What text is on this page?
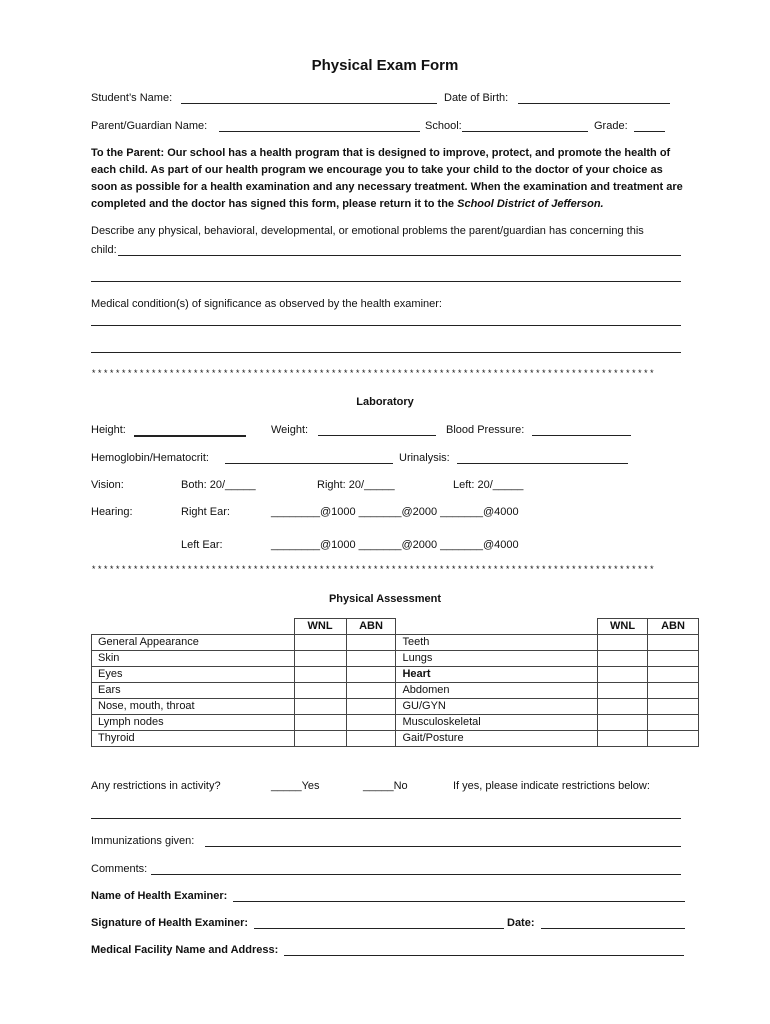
Physical Exam Form
Student’s Name:	Date of Birth:
Parent/Guardian Name:	School:	Grade:
To the Parent: Our school has a health program that is designed to improve, protect, and promote the health of each child. As part of our health program we encourage you to take your child to the doctor of your choice as soon as possible for a health examination and any necessary treatment. When the examination and treatment are completed and the doctor has signed this form, please return it to the School District of Jefferson.
Describe any physical, behavioral, developmental, or emotional problems the parent/guardian has concerning this
child:
Medical condition(s) of significance as observed by the health examiner:
**********************************************************************************************
Laboratory
Height:	Weight:	Blood Pressure:
Hemoglobin/Hematocrit:	Urinalysis:
Vision:	Both: 20/_____	Right: 20/_____	Left: 20/_____
Hearing:	Right Ear:	________@1000 _______@2000 _______@4000
Left Ear:	________@1000 _______@2000 _______@4000
**********************************************************************************************
Physical Assessment
	WNL	ABN		WNL	ABN
General Appearance			Teeth		
Skin			Lungs		
Eyes			Heart		
Ears			Abdomen		
Nose, mouth, throat			GU/GYN		
Lymph nodes			Musculoskeletal		
Thyroid			Gait/Posture		
Any restrictions in activity?	_____Yes	_____No	If yes, please indicate restrictions below:
Immunizations given:
Comments:
Name of Health Examiner:
Signature of Health Examiner:	Date:
Medical Facility Name and Address:
